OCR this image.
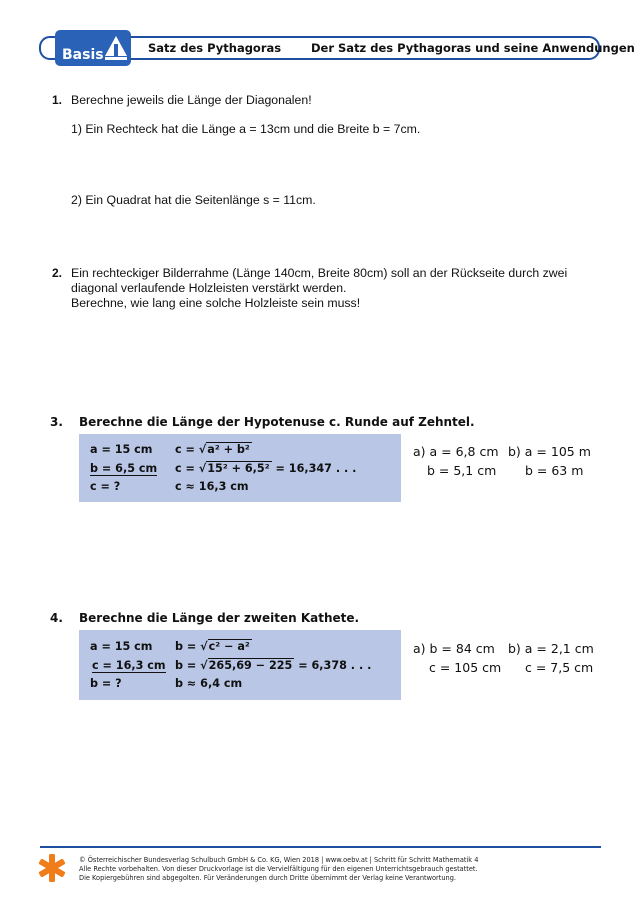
Basis	Satz des Pythagoras	Der Satz des Pythagoras und seine Anwendungen
1. Berechne jeweils die Länge der Diagonalen!
1) Ein Rechteck hat die Länge a = 13cm und die Breite b = 7cm.
2) Ein Quadrat hat die Seitenlänge s = 11cm.
2. Ein rechteckiger Bilderrahme (Länge 140cm, Breite 80cm) soll an der Rückseite durch zwei
diagonal verlaufende Holzleisten verstärkt werden.
Berechne, wie lang eine solche Holzleiste sein muss!
3. Berechne die Länge der Hypotenuse c. Runde auf Zehntel.
a = 15 cm
b = 6,5 cm
c = ?
c = √a² + b²
c = √15² + 6,5² = 16,347 . . .
c ≈ 16,3 cm
a) a = 6,8 cm
b = 5,1 cm
b) a = 105 m
b = 63 m
4. Berechne die Länge der zweiten Kathete.
a = 15 cm
c = 16,3 cm
b = ?
b = √c² − a²
b = √265,69 − 225 = 6,378 . . .
b ≈ 6,4 cm
a) b = 84 cm
c = 105 cm
b) a = 2,1 cm
c = 7,5 cm
© Österreichischer Bundesverlag Schulbuch GmbH & Co. KG, Wien 2018 | www.oebv.at | Schritt für Schritt Mathematik 4
Alle Rechte vorbehalten. Von dieser Druckvorlage ist die Vervielfältigung für den eigenen Unterrichtsgebrauch gestattet.
Die Kopiergebühren sind abgegolten. Für Veränderungen durch Dritte übernimmt der Verlag keine Verantwortung.
